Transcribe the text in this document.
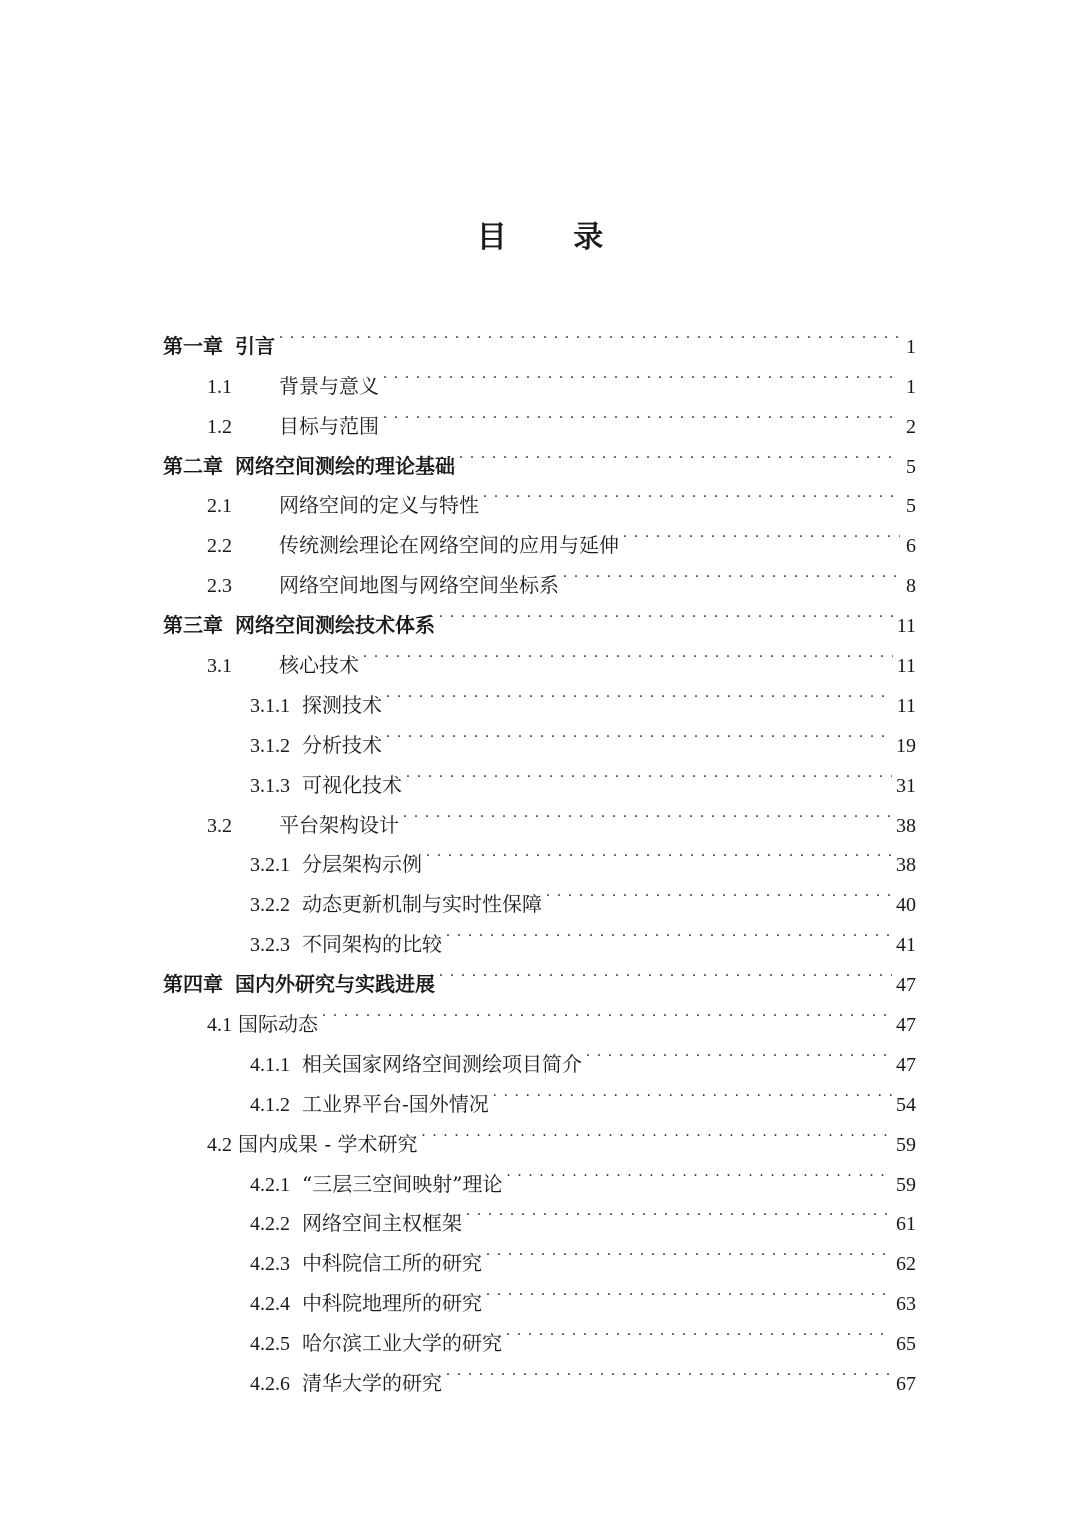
目 录
第一章 引言 . . .	1
1.1	背景与意义 . . .	1
1.2	目标与范围 . . .	2
第二章 网络空间测绘的理论基础 . . .	5
2.1	网络空间的定义与特性 . . .	5
2.2	传统测绘理论在网络空间的应用与延伸 . . .	6
2.3	网络空间地图与网络空间坐标系 . . .	8
第三章 网络空间测绘技术体系 . . .	11
3.1	核心技术 . . .	11
3.1.1 探测技术 . . .	11
3.1.2 分析技术 . . .	19
3.1.3 可视化技术 . . .	31
3.2	平台架构设计 . . .	38
3.2.1 分层架构示例 . . .	38
3.2.2 动态更新机制与实时性保障 . . .	40
3.2.3 不同架构的比较 . . .	41
第四章 国内外研究与实践进展 . . .	47
4.1 国际动态 . . .	47
4.1.1 相关国家网络空间测绘项目简介 . . .	47
4.1.2 工业界平台-国外情况 . . .	54
4.2 国内成果 - 学术研究 . . .	59
4.2.1 “三层三空间映射”理论 . . .	59
4.2.2 网络空间主权框架 . . .	61
4.2.3 中科院信工所的研究 . . .	62
4.2.4 中科院地理所的研究 . . .	63
4.2.5 哈尔滨工业大学的研究 . . .	65
4.2.6 清华大学的研究 . . .	67
